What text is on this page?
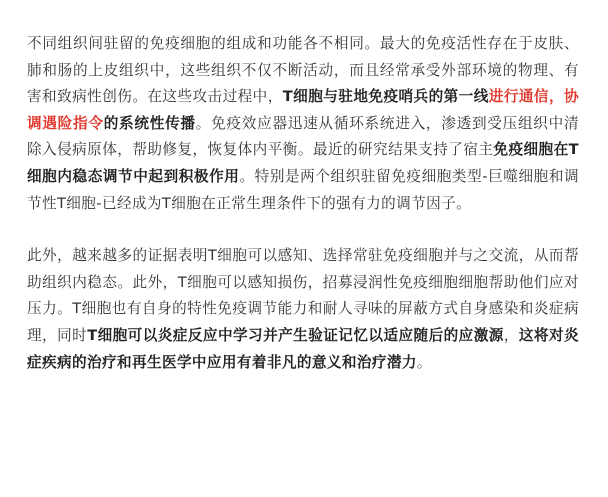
不同组织间驻留的免疫细胞的组成和功能各不相同。最大的免疫活性存在于皮肤、肺和肠的上皮组织中，这些组织不仅不断活动，而且经常承受外部环境的物理、有害和致病性创伤。在这些攻击过程中，T细胞与驻地免疫哨兵的第一线进行通信，协调遇险指令的系统性传播。免疫效应器迅速从循环系统进入，渗透到受压组织中清除入侵病原体，帮助修复，恢复体内平衡。最近的研究结果支持了宿主免疫细胞在T细胞内稳态调节中起到积极作用。特别是两个组织驻留免疫细胞类型-巨噬细胞和调节性T细胞-已经成为T细胞在正常生理条件下的强有力的调节因子。

此外，越来越多的证据表明T细胞可以感知、选择常驻免疫细胞并与之交流，从而帮助组织内稳态。此外，T细胞可以感知损伤，招募浸润性免疫细胞细胞帮助他们应对压力。T细胞也有自身的特性免疫调节能力和耐人寻味的屏蔽方式自身感染和炎症病理，同时T细胞可以炎症反应中学习并产生验证记忆以适应随后的应激源，这将对炎症疾病的治疗和再生医学中应用有着非凡的意义和治疗潜力。
